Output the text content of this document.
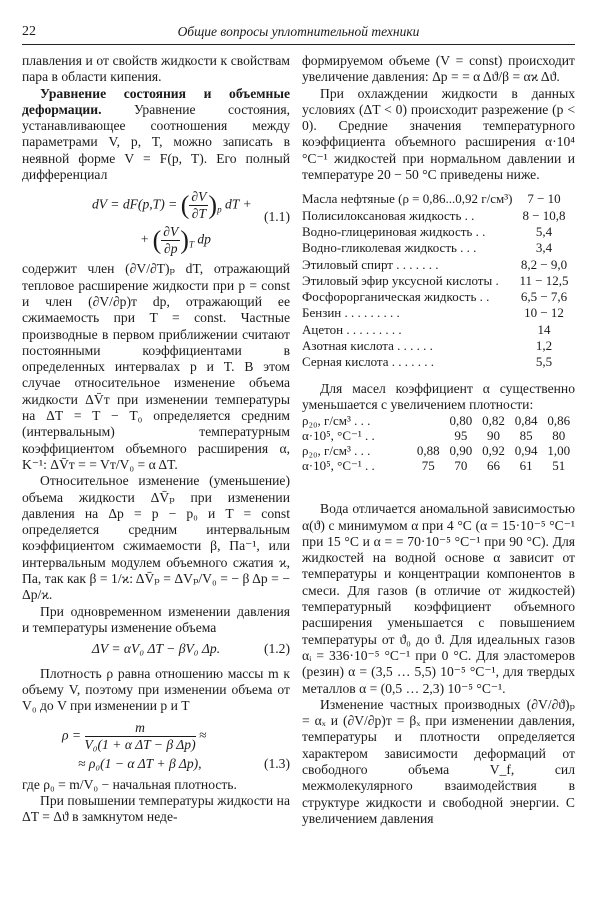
22	Общие вопросы уплотнительной техники

плавления и от свойств жидкости к свойствам пара в области кипения.

Уравнение состояния и объемные деформации. Уравнение состояния, устанавливающее соотношения между параметрами V, p, T, можно записать в неявной форме V = F(p, T). Его полный дифференциал

(1.1)
dV = dF(p,T) = ( $\frac{\partial V}{\partial T} )_p$ dT +
+ ( $\frac{\partial V}{\partial p} )_T$ dp

содержит член (∂V/∂T)ₚ dT, отражающий тепловое расширение жидкости при p = const и член (∂V/∂p)ᴛ dp, отражающий ее сжимаемость при T = const. Частные производные в первом приближении считают постоянными коэффициентами в определенных интервалах p и T. В этом случае относительное изменение объема жидкости ΔV̄ᴛ при изменении температуры на ΔT = T − T₀ определяется средним (интервальным) температурным коэффициентом объемного расширения α, K⁻¹: ΔV̄ᴛ = = Vᴛ/V₀ = α ΔT.

Относительное изменение (уменьшение) объема жидкости ΔV̄ₚ при изменении давления на Δp = p − p₀ и T = const определяется средним интервальным коэффициентом сжимаемости β, Па⁻¹, или интервальным модулем объемного сжатия ϰ, Па, так как β = 1/ϰ: ΔV̄ₚ = ΔVₚ/V₀ = − β Δp = − Δp/ϰ.

При одновременном изменении давления и температуры изменение объема

ΔV = αV₀ ΔT − βV₀ Δp.	(1.2)

Плотность ρ равна отношению массы m к объему V, поэтому при изменении объема от V₀ до V при изменении p и T

$\rho = \frac{m}{\text{V₀(1 + α ΔT − β Δp)}}$ ≈
≈ ρ₀(1 − α ΔT + β Δp),	(1.3)

где ρ₀ = m/V₀ − начальная плотность.

При повышении температуры жидкости на ΔT = Δϑ в замкнутом неде-

формируемом объеме (V = const) происходит увеличение давления: Δp = = α Δϑ/β = αϰ Δϑ.

При охлаждении жидкости в данных условиях (ΔT < 0) происходит разрежение (p < 0). Средние значения температурного коэффициента объемного расширения α·10⁴ °C⁻¹ жидкостей при нормальном давлении и температуре 20 − 50 °C приведены ниже.

Масла нефтяные (ρ = 0,86...0,92 г/см³)	7 − 10
Полисилоксановая жидкость . .	8 − 10,8
Водно-глицериновая жидкость . .	5,4
Водно-гликолевая жидкость . . .	3,4
Этиловый спирт . . . . . . .	8,2 − 9,0
Этиловый эфир уксусной кислоты .	11 − 12,5
Фосфорорганическая жидкость . .	6,5 − 7,6
Бензин . . . . . . . . .	10 − 12
Ацетон . . . . . . . . .	14
Азотная кислота . . . . . .	1,2
Серная кислота . . . . . . .	5,5

Для масел коэффициент α существенно уменьшается с увеличением плотности:

ρ₂₀, г/см³ . . .		0,80	0,82	0,84	0,86
α·10⁵, °C⁻¹ . .		95	90	85	80
ρ₂₀, г/см³ . . .	0,88	0,90	0,92	0,94	1,00
α·10⁵, °C⁻¹ . .	75	70	66	61	51

Вода отличается аномальной зависимостью α(ϑ) с минимумом α при 4 °C (α = 15·10⁻⁵ °C⁻¹ при 15 °C и α = = 70·10⁻⁵ °C⁻¹ при 90 °C). Для жидкостей на водной основе α зависит от температуры и концентрации компонентов в смеси. Для газов (в отличие от жидкостей) температурный коэффициент объемного расширения уменьшается с повышением температуры от ϑ₀ до ϑ. Для идеальных газов αᵢ = 336·10⁻⁵ °C⁻¹ при 0 °C. Для эластомеров (резин) α = (3,5 … 5,5) 10⁻⁵ °C⁻¹, для твердых металлов α = (0,5 … 2,3) 10⁻⁵ °C⁻¹.

Изменение частных производных (∂V/∂ϑ)ₚ = αₓ и (∂V/∂p)ᴛ = βₓ при изменении давления, температуры и плотности определяется характером зависимости деформаций от свободного объема V_f, сил межмолекулярного взаимодействия в структуре жидкости и свободной энергии. С увеличением давления
